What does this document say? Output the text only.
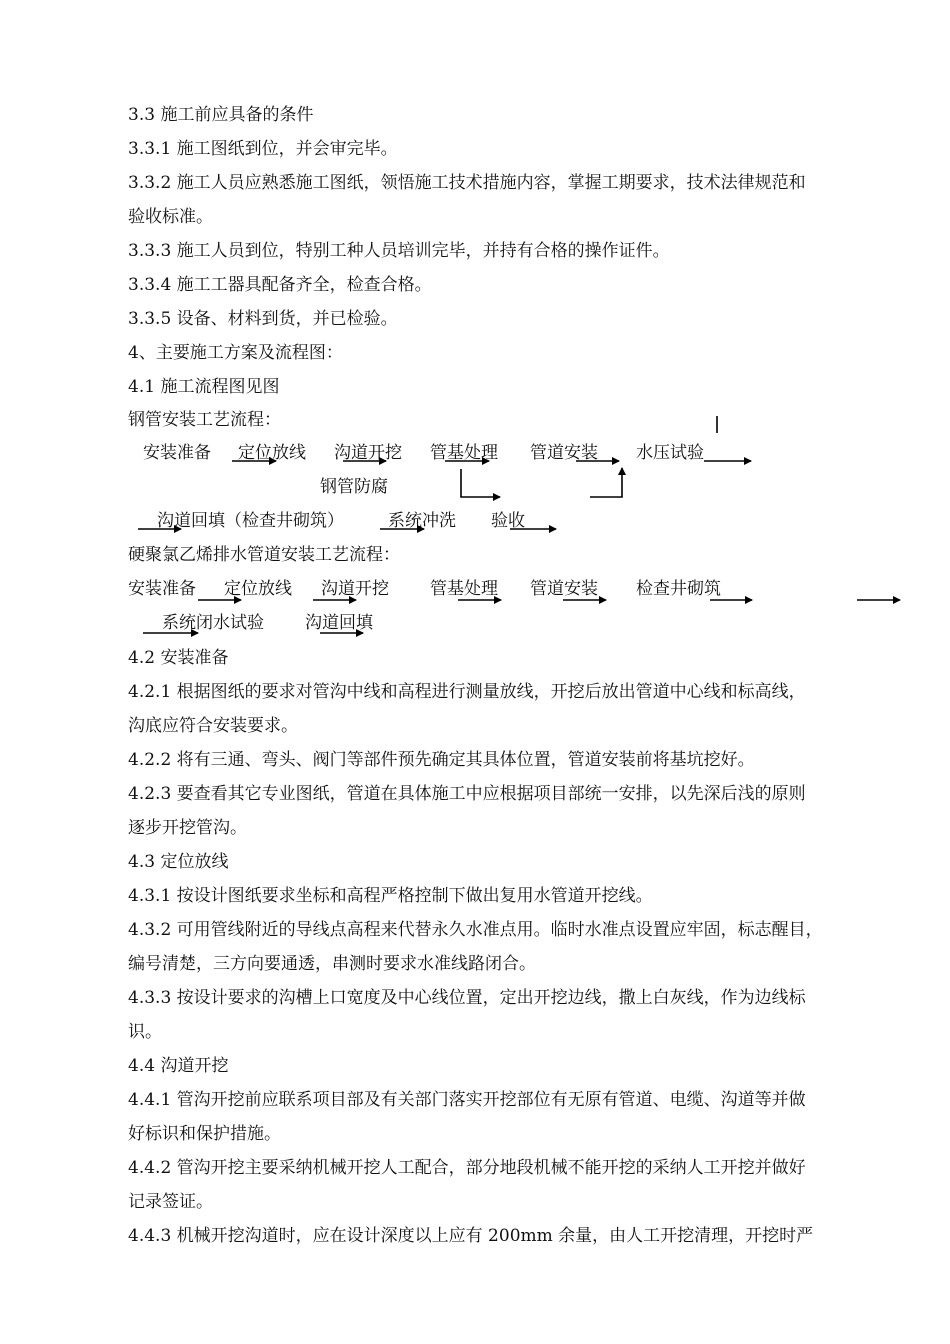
3.3 施工前应具备的条件
3.3.1 施工图纸到位，并会审完毕。
3.3.2 施工人员应熟悉施工图纸，领悟施工技术措施内容，掌握工期要求，技术法律规范和
验收标准。
3.3.3 施工人员到位，特别工种人员培训完毕，并持有合格的操作证件。
3.3.4 施工工器具配备齐全，检查合格。
3.3.5 设备、材料到货，并已检验。
4、主要施工方案及流程图：
4.1 施工流程图见图
钢管安装工艺流程：
安装准备 定位放线 沟道开挖 管基处理 管道安装 水压试验
钢管防腐
沟道回填（检查井砌筑）	系统冲洗 验收
硬聚氯乙烯排水管道安装工艺流程：
安装准备 定位放线 沟道开挖 管基处理 管道安装 检查井砌筑
系统闭水试验 沟道回填
4.2 安装准备
4.2.1 根据图纸的要求对管沟中线和高程进行测量放线，开挖后放出管道中心线和标高线，
沟底应符合安装要求。
4.2.2 将有三通、弯头、阀门等部件预先确定其具体位置，管道安装前将基坑挖好。
4.2.3 要查看其它专业图纸，管道在具体施工中应根据项目部统一安排，以先深后浅的原则
逐步开挖管沟。
4.3 定位放线
4.3.1 按设计图纸要求坐标和高程严格控制下做出复用水管道开挖线。
4.3.2 可用管线附近的导线点高程来代替永久水准点用。临时水准点设置应牢固，标志醒目，
编号清楚，三方向要通透，串测时要求水准线路闭合。
4.3.3 按设计要求的沟槽上口宽度及中心线位置，定出开挖边线，撒上白灰线，作为边线标
识。
4.4 沟道开挖
4.4.1 管沟开挖前应联系项目部及有关部门落实开挖部位有无原有管道、电缆、沟道等并做
好标识和保护措施。
4.4.2 管沟开挖主要采纳机械开挖人工配合，部分地段机械不能开挖的采纳人工开挖并做好
记录签证。
4.4.3 机械开挖沟道时，应在设计深度以上应有 200mm 余量，由人工开挖清理，开挖时严
